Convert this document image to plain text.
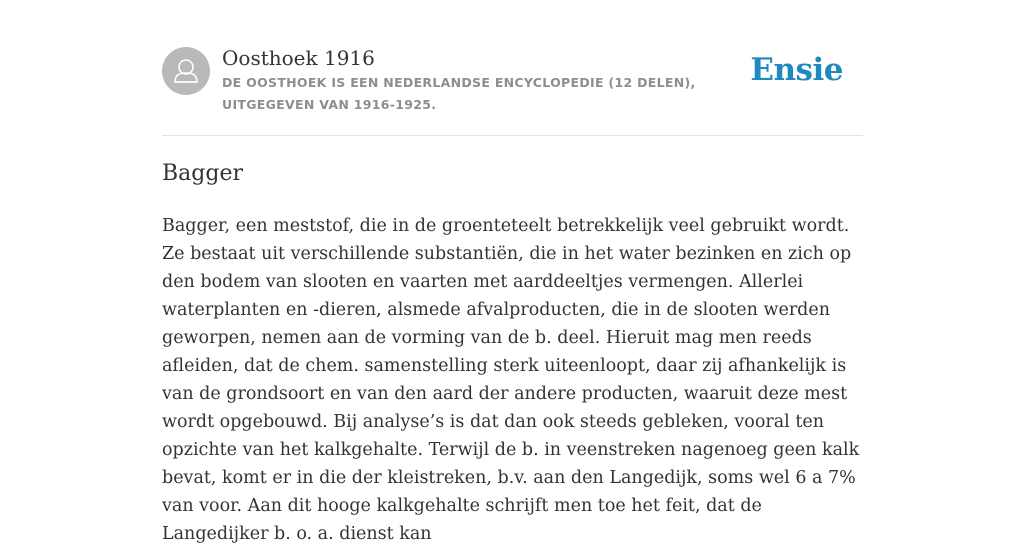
Oosthoek 1916
DE OOSTHOEK IS EEN NEDERLANDSE ENCYCLOPEDIE (12 DELEN), UITGEGEVEN VAN 1916-1925.
Ensie
Bagger

Bagger, een meststof, die in de groenteteelt betrekkelijk veel gebruikt wordt. Ze bestaat uit verschillende substantiën, die in het water bezinken en zich op den bodem van slooten en vaarten met aarddeeltjes vermengen. Allerlei waterplanten en -dieren, alsmede afvalproducten, die in de slooten werden geworpen, nemen aan de vorming van de b. deel. Hieruit mag men reeds afleiden, dat de chem. samenstelling sterk uiteenloopt, daar zij afhankelijk is van de grondsoort en van den aard der andere producten, waaruit deze mest wordt opgebouwd. Bij analyse’s is dat dan ook steeds gebleken, vooral ten opzichte van het kalkgehalte. Terwijl de b. in veenstreken nagenoeg geen kalk bevat, komt er in die der kleistreken, b.v. aan den Langedijk, soms wel 6 a 7% van voor. Aan dit hooge kalkgehalte schrijft men toe het feit, dat de Langedijker b. o. a. dienst kan
